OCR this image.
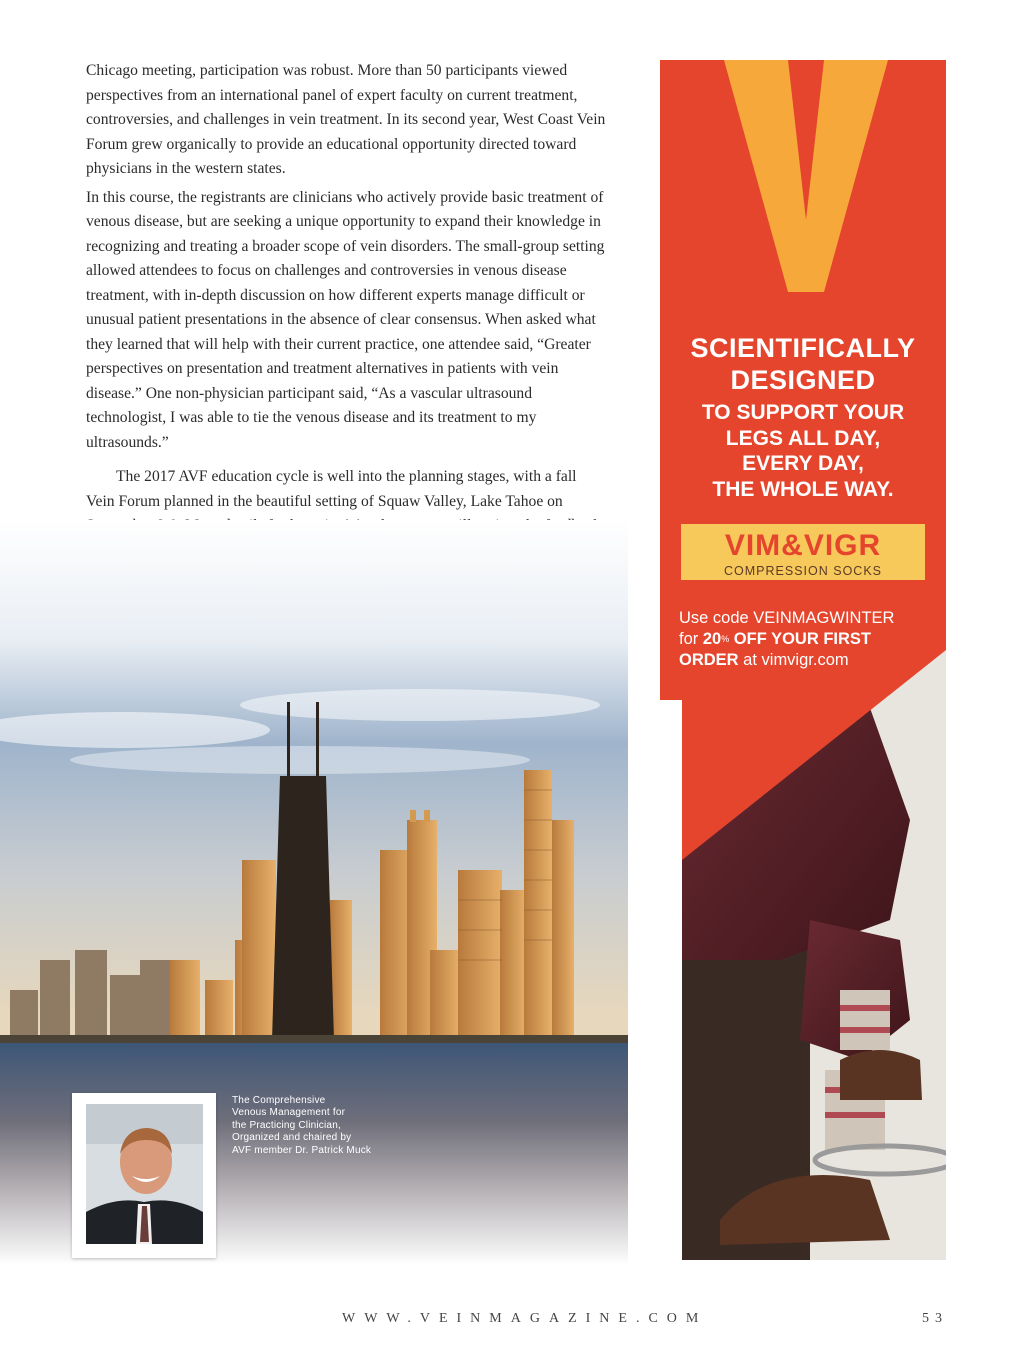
Chicago meeting, participation was robust. More than 50 participants viewed perspectives from an international panel of expert faculty on current treatment, controversies, and challenges in vein treatment. In its second year, West Coast Vein Forum grew organically to provide an educational opportunity directed toward physicians in the western states.

In this course, the registrants are clinicians who actively provide basic treatment of venous disease, but are seeking a unique opportunity to expand their knowledge in recognizing and treating a broader scope of vein disorders. The small-group setting allowed attendees to focus on challenges and controversies in venous disease treatment, with in-depth discussion on how different experts manage difficult or unusual patient presentations in the absence of clear consensus. When asked what they learned that will help with their current practice, one attendee said, “Greater perspectives on presentation and treatment alternatives in patients with vein disease.” One non-physician participant said, “As a vascular ultrasound technologist, I was able to tie the venous disease and its treatment to my ultrasounds.”

The 2017 AVF education cycle is well into the planning stages, with a fall Vein Forum planned in the beautiful setting of Squaw Valley, Lake Tahoe on

The Comprehensive
Venous Management for
the Practicing Clinician,
Organized and chaired by
AVF member Dr. Patrick Muck
SCIENTIFICALLY
DESIGNED
TO SUPPORT YOUR
LEGS ALL DAY,
EVERY DAY,
THE WHOLE WAY.
VIM&VIGR
COMPRESSION SOCKS
Use code VEINMAGWINTER
for 20% OFF YOUR FIRST
ORDER at vimvigr.com
WWW.VEINMAGAZINE.COM	53
